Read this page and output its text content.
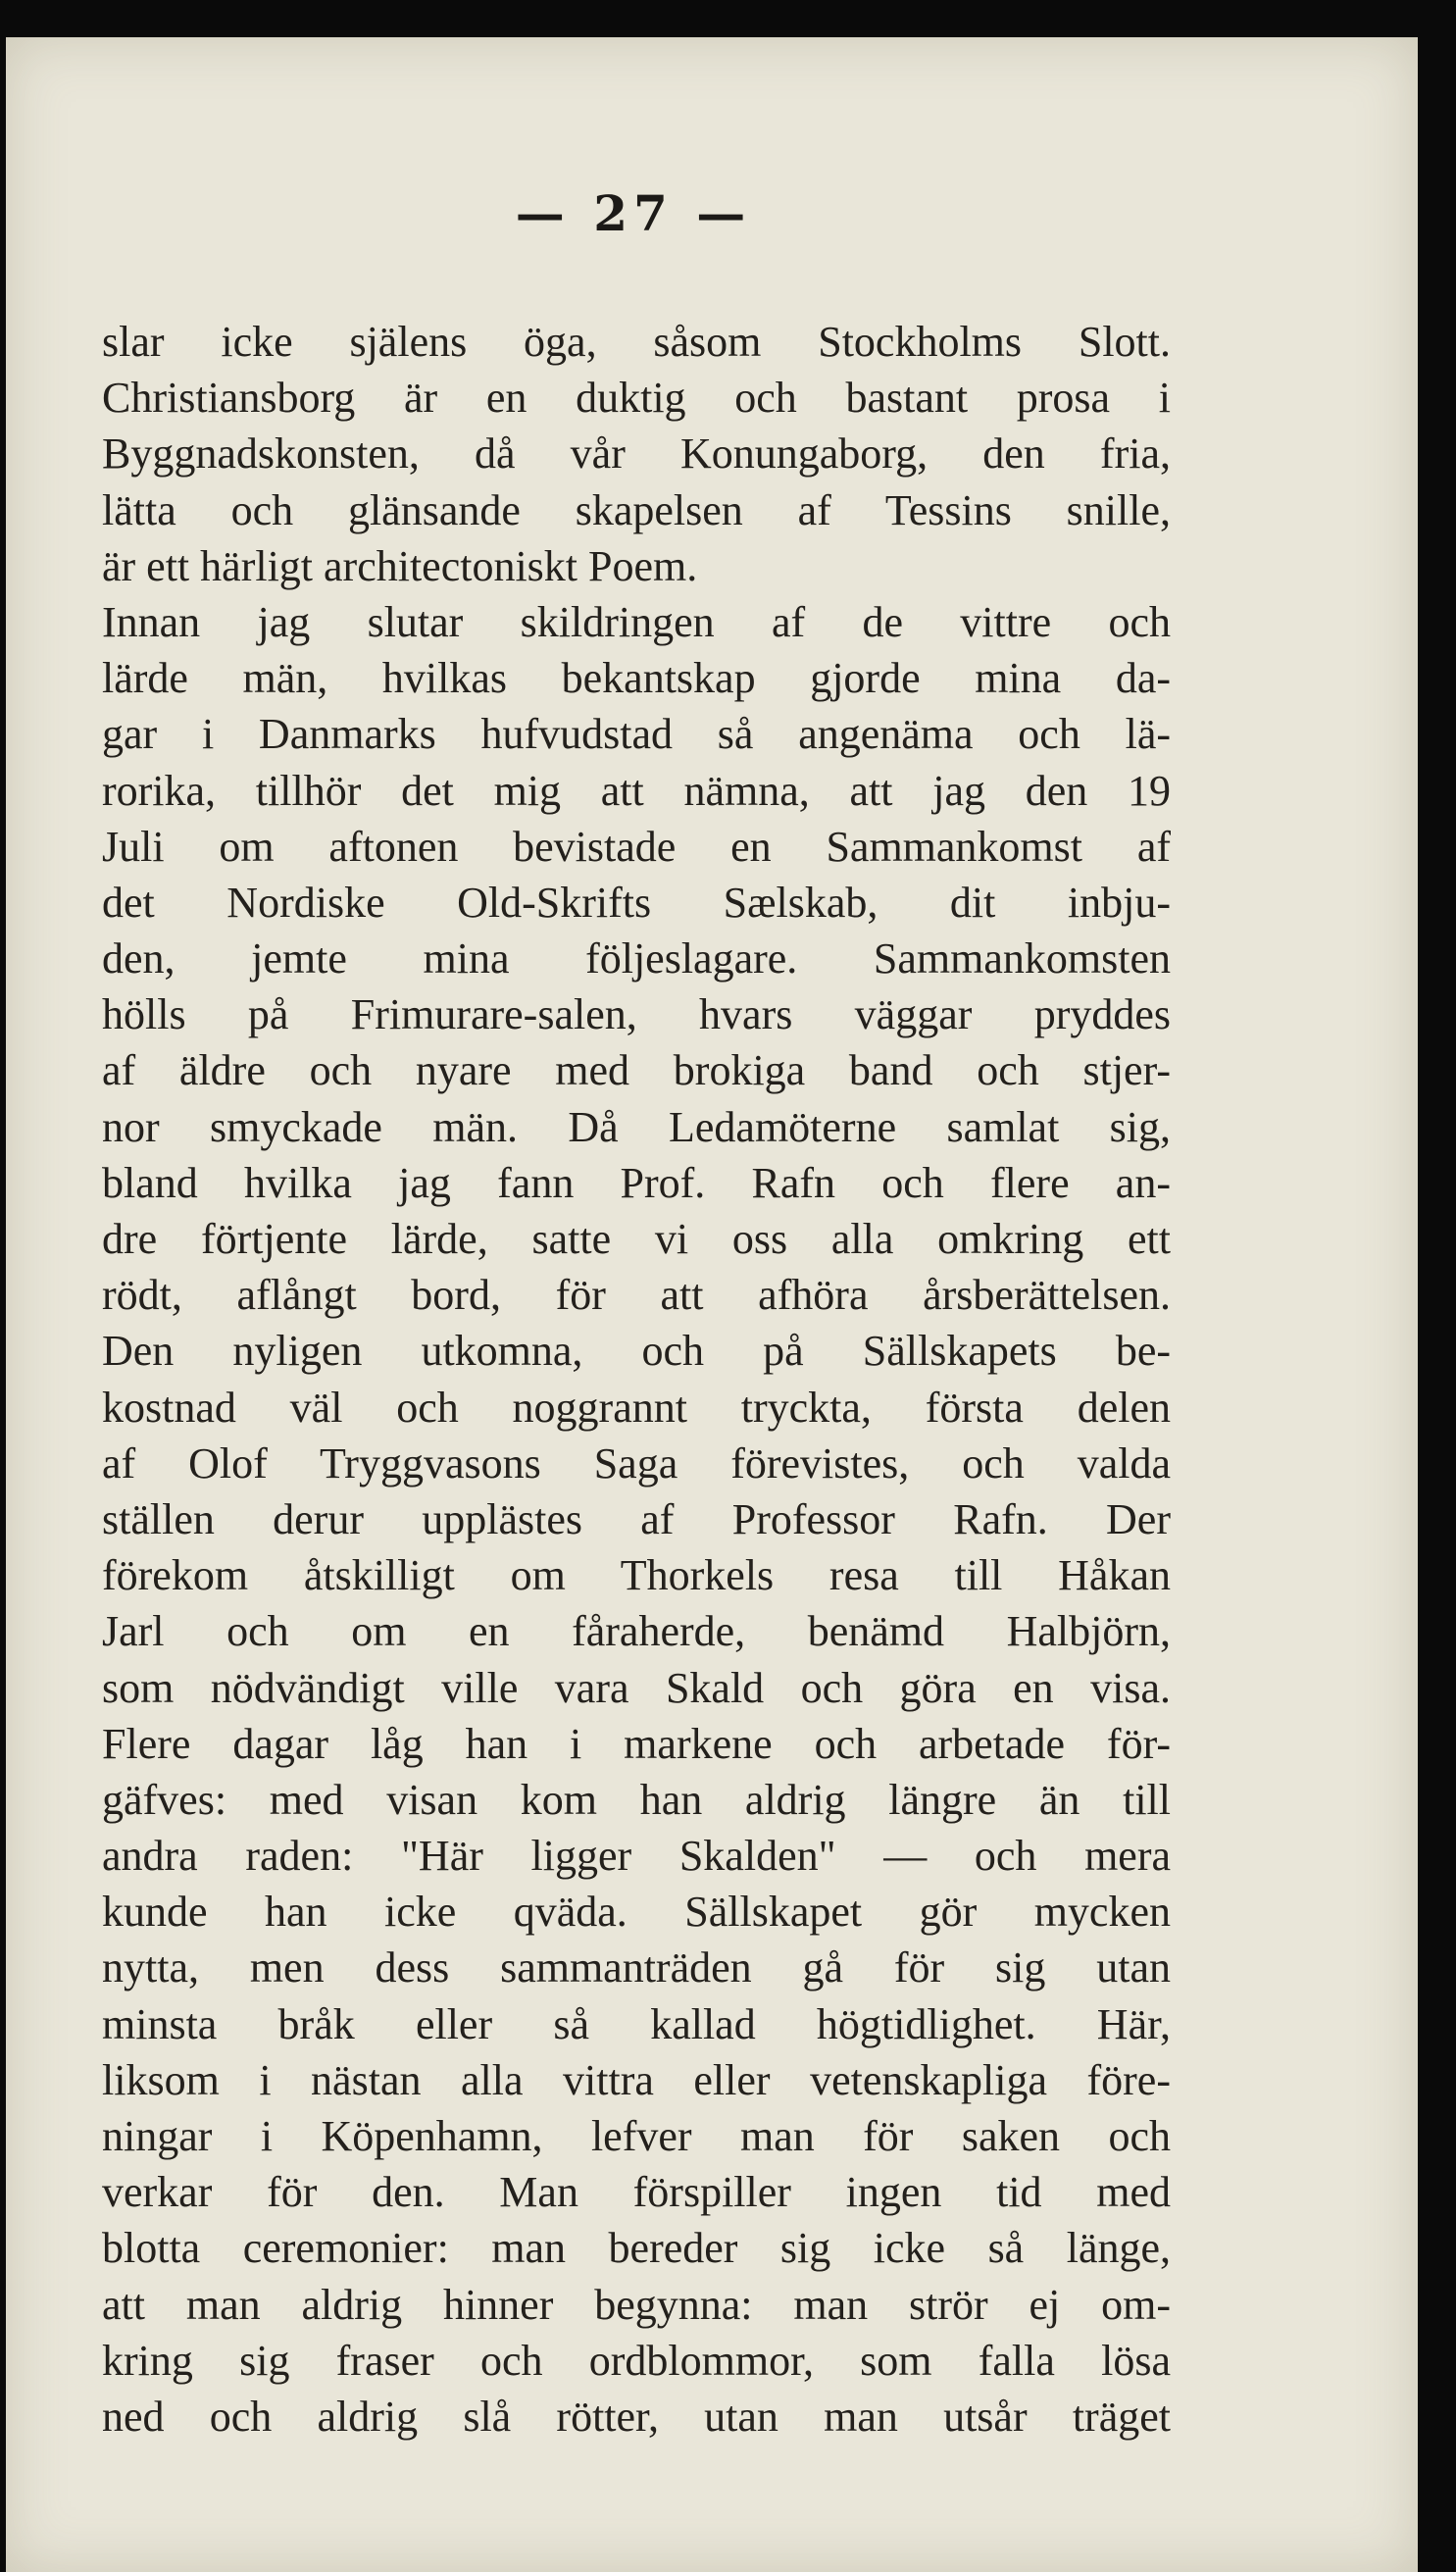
— 27 —
slar icke själens öga, såsom Stockholms Slott.
Christiansborg är en duktig och bastant prosa i
Byggnadskonsten, då vår Konungaborg, den fria,
lätta och glänsande skapelsen af Tessins snille,
är ett härligt architectoniskt Poem.
Innan jag slutar skildringen af de vittre och
lärde män, hvilkas bekantskap gjorde mina da-
gar i Danmarks hufvudstad så angenäma och lä-
rorika, tillhör det mig att nämna, att jag den 19
Juli om aftonen bevistade en Sammankomst af
det Nordiske Old-Skrifts Sælskab, dit inbju-
den, jemte mina följeslagare. Sammankomsten
hölls på Frimurare-salen, hvars väggar pryddes
af äldre och nyare med brokiga band och stjer-
nor smyckade män. Då Ledamöterne samlat sig,
bland hvilka jag fann Prof. Rafn och flere an-
dre förtjente lärde, satte vi oss alla omkring ett
rödt, aflångt bord, för att afhöra årsberättelsen.
Den nyligen utkomna, och på Sällskapets be-
kostnad väl och noggrannt tryckta, första delen
af Olof Tryggvasons Saga förevistes, och valda
ställen derur upplästes af Professor Rafn. Der
förekom åtskilligt om Thorkels resa till Håkan
Jarl och om en fåraherde, benämd Halbjörn,
som nödvändigt ville vara Skald och göra en visa.
Flere dagar låg han i markene och arbetade för-
gäfves: med visan kom han aldrig längre än till
andra raden: "Här ligger Skalden" — och mera
kunde han icke qväda. Sällskapet gör mycken
nytta, men dess sammanträden gå för sig utan
minsta bråk eller så kallad högtidlighet. Här,
liksom i nästan alla vittra eller vetenskapliga före-
ningar i Köpenhamn, lefver man för saken och
verkar för den. Man förspiller ingen tid med
blotta ceremonier: man bereder sig icke så länge,
att man aldrig hinner begynna: man strör ej om-
kring sig fraser och ordblommor, som falla lösa
ned och aldrig slå rötter, utan man utsår träget
